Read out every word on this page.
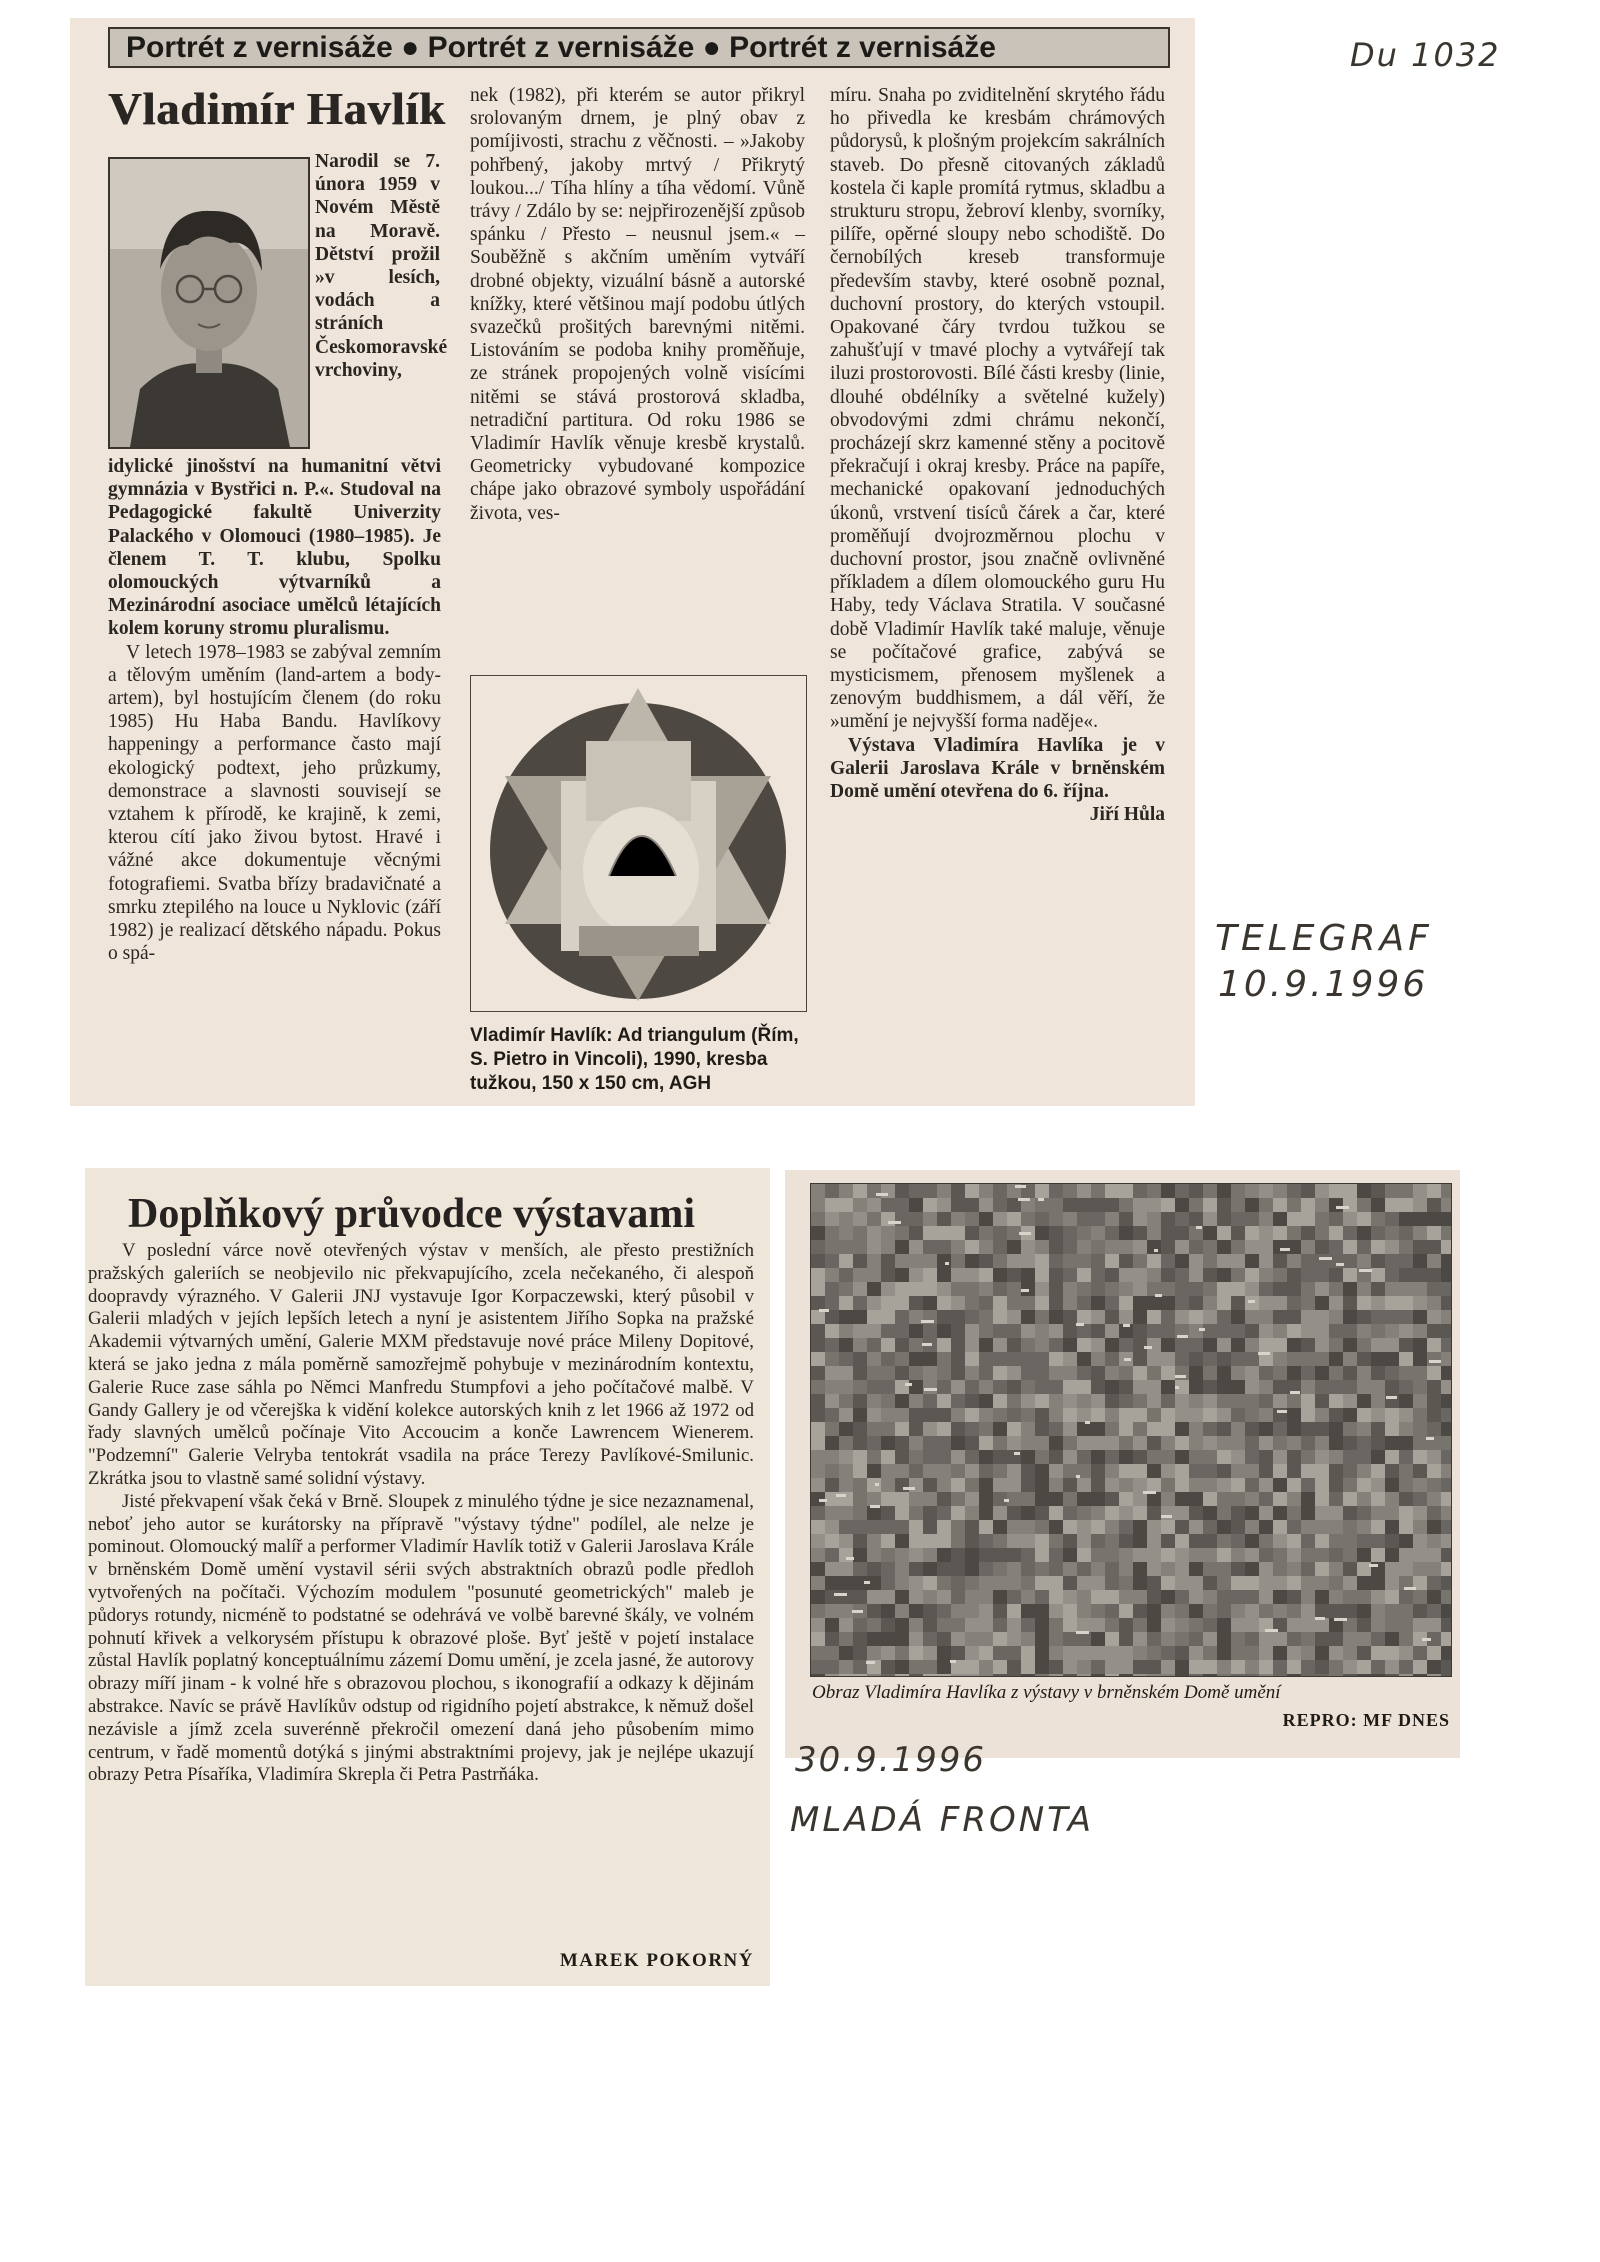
Du 1032
Portrét z vernisáže ● Portrét z vernisáže ● Portrét z vernisáže
Vladimír Havlík
Narodil se 7. února 1959 v Novém Městě na Moravě. Dětství prožil »v lesích, vodách a stráních Českomoravské vrchoviny,

idylické jinošství na humanitní větvi gymnázia v Bystřici n. P.«. Studoval na Pedagogické fakultě Univerzity Palackého v Olomouci (1980–1985). Je členem T. T. klubu, Spolku olomouckých výtvarníků a Mezinárodní asociace umělců létajících kolem koruny stromu pluralismu.

V letech 1978–1983 se zabýval zemním a tělovým uměním (land-artem a body-artem), byl hostujícím členem (do roku 1985) Hu Haba Bandu. Havlíkovy happeningy a performance často mají ekologický podtext, jeho průzkumy, demonstrace a slavnosti souvisejí se vztahem k přírodě, ke krajině, k zemi, kterou cítí jako živou bytost. Hravé i vážné akce dokumentuje věcnými fotografiemi. Svatba břízy bradavičnaté a smrku ztepilého na louce u Nyklovic (září 1982) je realizací dětského nápadu. Pokus o spá-

nek (1982), při kterém se autor přikryl srolovaným drnem, je plný obav z pomíjivosti, strachu z věčnosti. – »Jakoby pohřbený, jakoby mrtvý / Přikrytý loukou.../ Tíha hlíny a tíha vědomí. Vůně trávy / Zdálo by se: nejpřirozenější způsob spánku / Přesto – neusnul jsem.« – Souběžně s akčním uměním vytváří drobné objekty, vizuální básně a autorské knížky, které většinou mají podobu útlých svazečků prošitých barevnými nitěmi. Listováním se podoba knihy proměňuje, ze stránek propojených volně visícími nitěmi se stává prostorová skladba, netradiční partitura. Od roku 1986 se Vladimír Havlík věnuje kresbě krystalů. Geometricky vybudované kompozice chápe jako obrazové symboly uspořádání života, ves-

Vladimír Havlík: Ad triangulum (Řím, S. Pietro in Vincoli), 1990, kresba tužkou, 150 x 150 cm, AGH

míru. Snaha po zviditelnění skrytého řádu ho přivedla ke kresbám chrámových půdorysů, k plošným projekcím sakrálních staveb. Do přesně citovaných základů kostela či kaple promítá rytmus, skladbu a strukturu stropu, žebroví klenby, svorníky, pilíře, opěrné sloupy nebo schodiště. Do černobílých kreseb transformuje především stavby, které osobně poznal, duchovní prostory, do kterých vstoupil. Opakované čáry tvrdou tužkou se zahušťují v tmavé plochy a vytvářejí tak iluzi prostorovosti. Bílé části kresby (linie, dlouhé obdélníky a světelné kužely) obvodovými zdmi chrámu nekončí, procházejí skrz kamenné stěny a pocitově překračují i okraj kresby. Práce na papíře, mechanické opakovaní jednoduchých úkonů, vrstvení tisíců čárek a čar, které proměňují dvojrozměrnou plochu v duchovní prostor, jsou značně ovlivněné příkladem a dílem olomouckého guru Hu Haby, tedy Václava Stratila. V současné době Vladimír Havlík také maluje, věnuje se počítačové grafice, zabývá se mysticismem, přenosem myšlenek a zenovým buddhismem, a dál věří, že »umění je nejvyšší forma naděje«.

Výstava Vladimíra Havlíka je v Galerii Jaroslava Krále v brněnském Domě umění otevřena do 6. října.

Jiří Hůla

TELEGRAF
10.9.1996
Doplňkový průvodce výstavami

V poslední várce nově otevřených výstav v menších, ale přesto prestižních pražských galeriích se neobjevilo nic překvapujícího, zcela nečekaného, či alespoň doopravdy výrazného. V Galerii JNJ vystavuje Igor Korpaczewski, který působil v Galerii mladých v jejích lepších letech a nyní je asistentem Jiřího Sopka na pražské Akademii výtvarných umění, Galerie MXM představuje nové práce Mileny Dopitové, která se jako jedna z mála poměrně samozřejmě pohybuje v mezinárodním kontextu, Galerie Ruce zase sáhla po Němci Manfredu Stumpfovi a jeho počítačové malbě. V Gandy Gallery je od včerejška k vidění kolekce autorských knih z let 1966 až 1972 od řady slavných umělců počínaje Vito Accoucim a konče Lawrencem Wienerem. "Podzemní" Galerie Velryba tentokrát vsadila na práce Terezy Pavlíkové-Smilunic. Zkrátka jsou to vlastně samé solidní výstavy.

Jisté překvapení však čeká v Brně. Sloupek z minulého týdne je sice nezaznamenal, neboť jeho autor se kurátorsky na přípravě "výstavy týdne" podílel, ale nelze je pominout. Olomoucký malíř a performer Vladimír Havlík totiž v Galerii Jaroslava Krále v brněnském Domě umění vystavil sérii svých abstraktních obrazů podle předloh vytvořených na počítači. Výchozím modulem "posunuté geometrických" maleb je půdorys rotundy, nicméně to podstatné se odehrává ve volbě barevné škály, ve volném pohnutí křivek a velkorysém přístupu k obrazové ploše. Byť ještě v pojetí instalace zůstal Havlík poplatný konceptuálnímu zázemí Domu umění, je zcela jasné, že autorovy obrazy míří jinam - k volné hře s obrazovou plochou, s ikonografií a odkazy k dějinám abstrakce. Navíc se právě Havlíkův odstup od rigidního pojetí abstrakce, k němuž došel nezávisle a jímž zcela suverénně překročil omezení daná jeho působením mimo centrum, v řadě momentů dotýká s jinými abstraktními projevy, jak je nejlépe ukazují obrazy Petra Písaříka, Vladimíra Skrepla či Petra Pastrňáka.

MAREK POKORNÝ
Obraz Vladimíra Havlíka z výstavy v brněnském Domě umění
REPRO: MF DNES
30.9.1996
MLADÁ FRONTA
